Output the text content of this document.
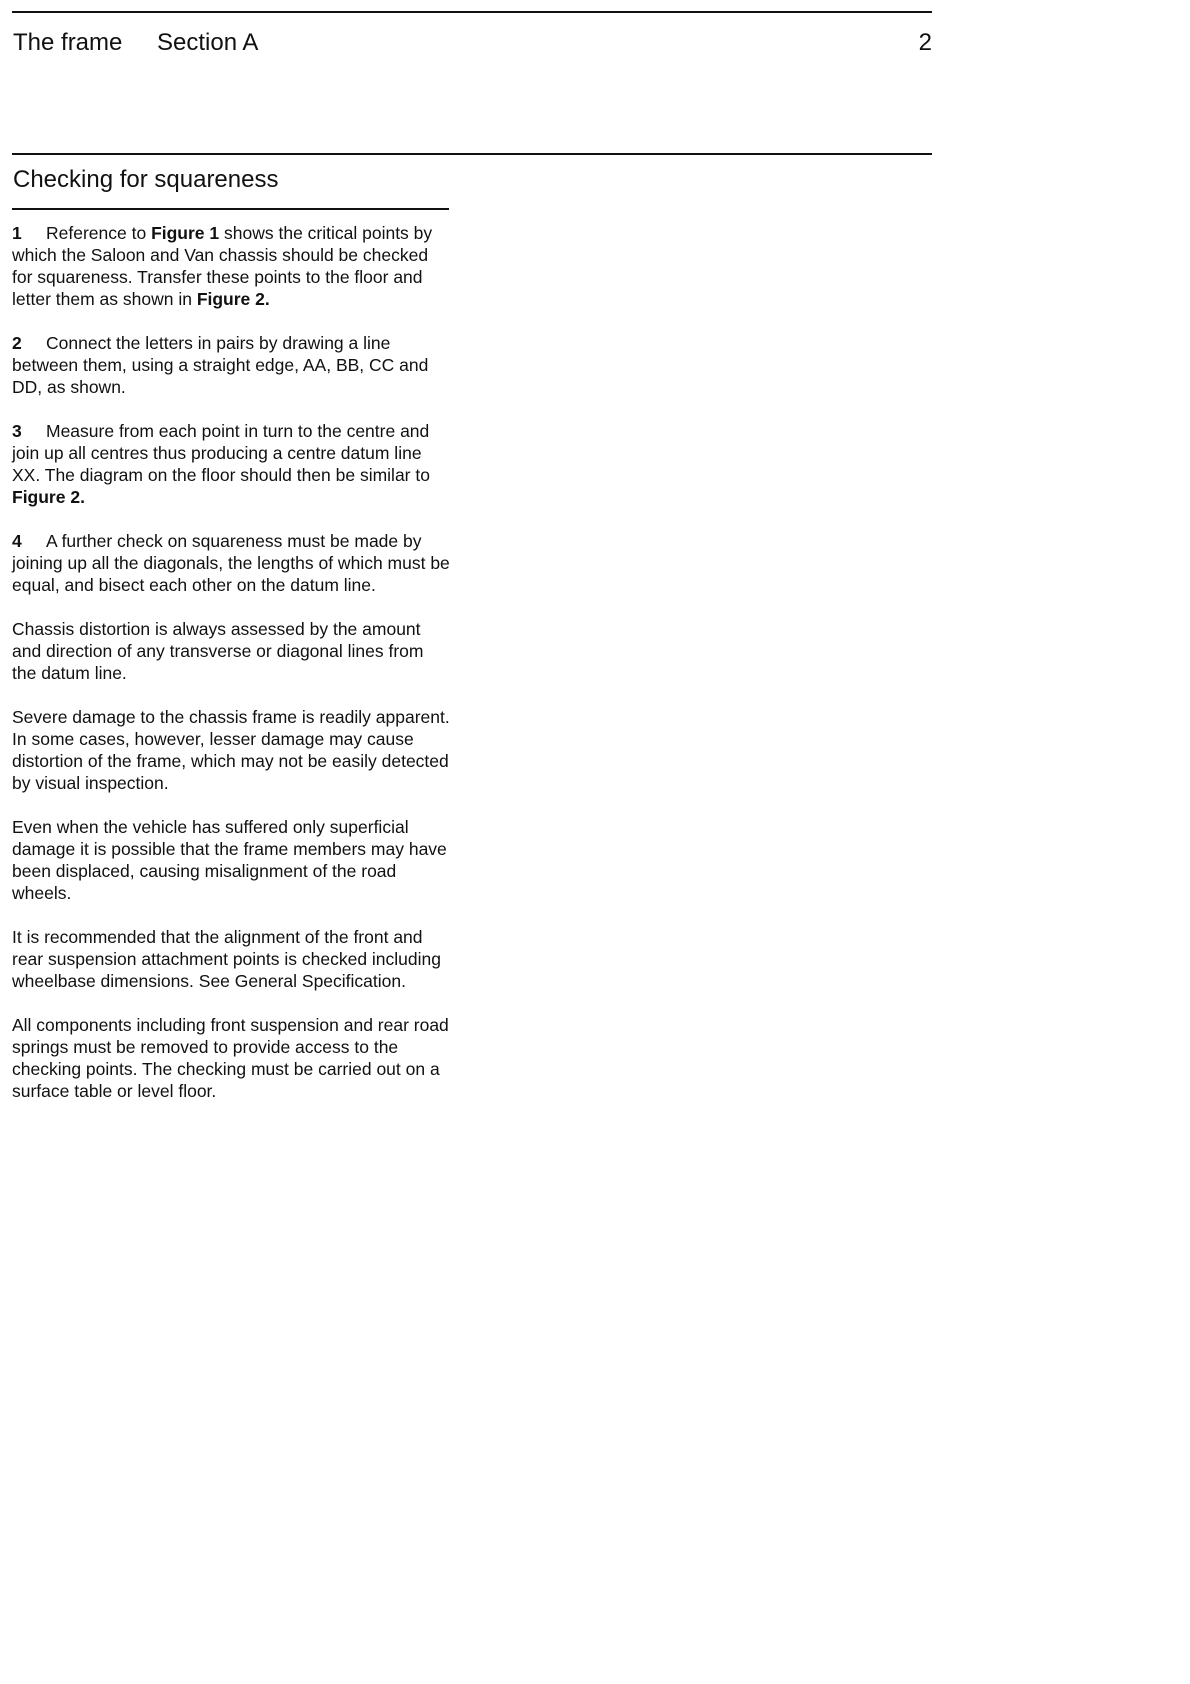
The frame Section A	2
Checking for squareness

1 Reference to Figure 1 shows the critical points by which the Saloon and Van chassis should be checked for squareness. Transfer these points to the floor and letter them as shown in Figure 2.

2 Connect the letters in pairs by drawing a line between them, using a straight edge, AA, BB, CC and DD, as shown.

3 Measure from each point in turn to the centre and join up all centres thus producing a centre datum line XX. The diagram on the floor should then be similar to Figure 2.

4 A further check on squareness must be made by joining up all the diagonals, the lengths of which must be equal, and bisect each other on the datum line.

Chassis distortion is always assessed by the amount and direction of any transverse or diagonal lines from the datum line.

Severe damage to the chassis frame is readily apparent. In some cases, however, lesser damage may cause distortion of the frame, which may not be easily detected by visual inspection.

Even when the vehicle has suffered only superficial damage it is possible that the frame members may have been displaced, causing misalignment of the road wheels.

It is recommended that the alignment of the front and rear suspension attachment points is checked including wheelbase dimensions. See General Specification.

All components including front suspension and rear road springs must be removed to provide access to the checking points. The checking must be carried out on a surface table or level floor.
